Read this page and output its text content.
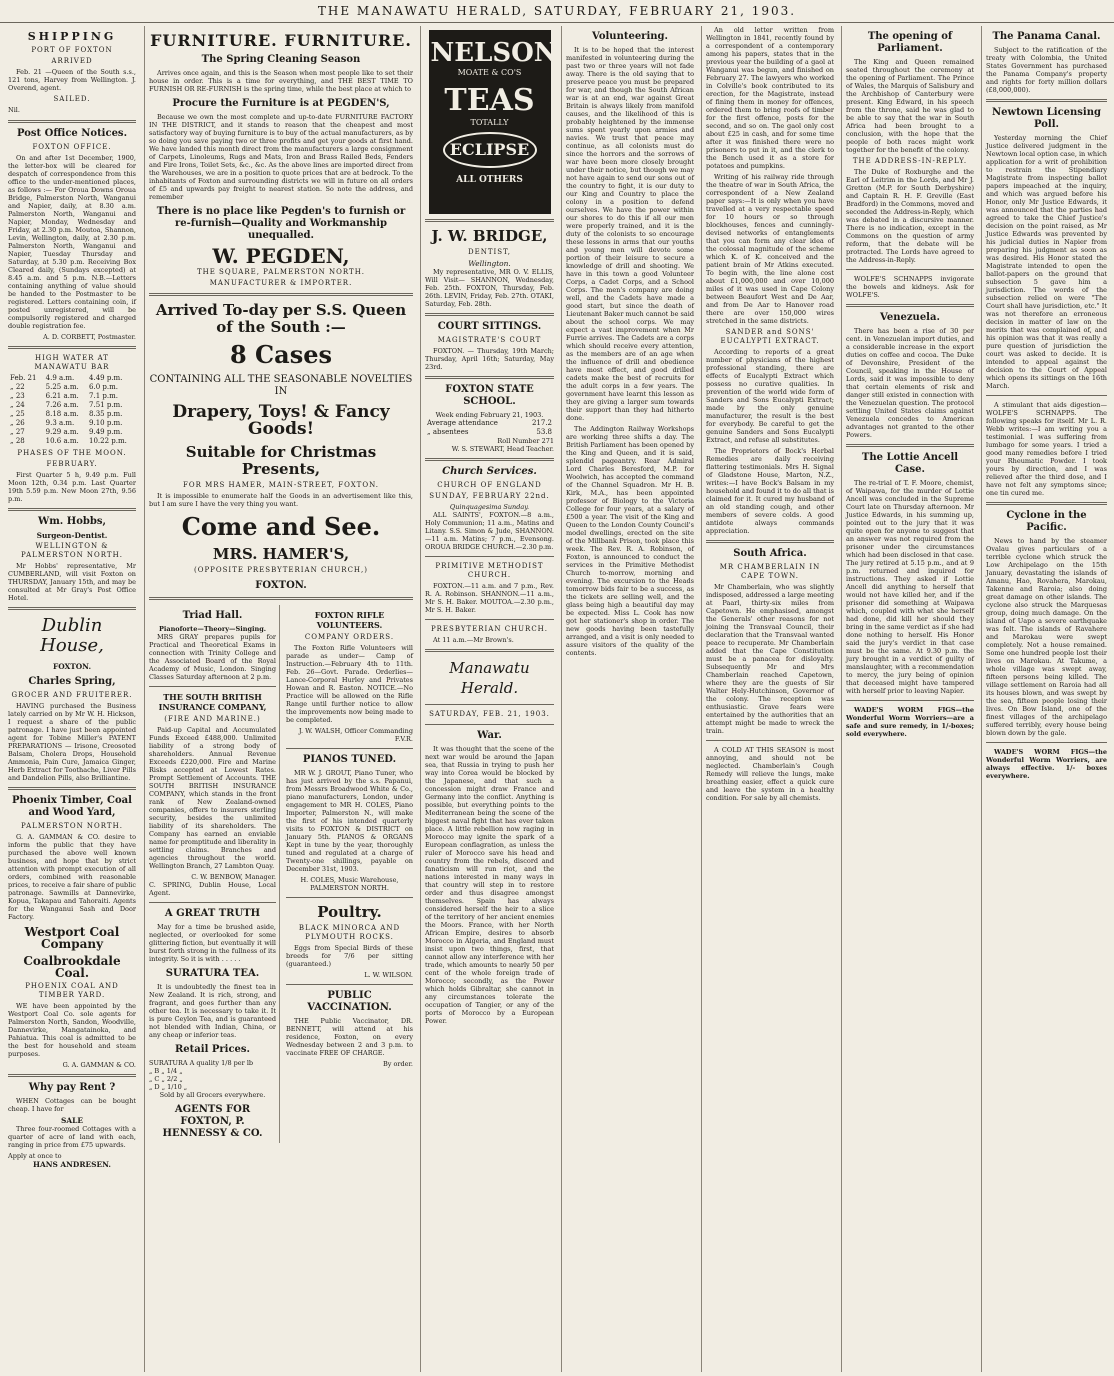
THE MANAWATU HERALD, SATURDAY, FEBRUARY 21, 1903.
SHIPPING
PORT OF FOXTON
ARRIVED

Feb. 21 —Queen of the South s.s., 121 tons, Harvey from Wellington. J. Overend, agent.

SAILED.
Nil.
Post Office Notices.
FOXTON OFFICE.

On and after 1st December, 1900, the letter-box will be cleared for despatch of correspondence from this office to the under-mentioned places, as follows :— For Oroua Downs Oroua Bridge, Palmerston North, Wanganui and Napier, daily, at 8.30 a.m. Palmerston North, Wanganui and Napier, Monday, Wednesday and Friday, at 2.30 p.m. Moutoa, Shannon, Levin, Wellington, daily, at 2.30 p.m. Palmerston North, Wanganui and Napier, Tuesday Thursday and Saturday, at 5.30 p.m. Receiving Box Cleared daily, (Sundays excepted) at 8.45 a.m. and 5 p.m. N.B.—Letters containing anything of value should be handed to the Postmaster to be registered. Letters containing coin, if posted unregistered, will be compulsorily registered and charged double registration fee.

A. D. CORBETT, Postmaster.
HIGH WATER AT MANAWATU BAR
Feb. 21	4.9 a.m.	4.49 p.m.
„ 22	5.25 a.m.	6.0 p.m.
„ 23	6.21 a.m.	7.1 p.m.
„ 24	7.26 a.m.	7.51 p.m.
„ 25	8.18 a.m.	8.35 p.m.
„ 26	9.3 a.m.	9.10 p.m.
„ 27	9.29 a.m.	9.49 p.m.
„ 28	10.6 a.m.	10.22 p.m.
PHASES OF THE MOON.
FEBRUARY.

First Quarter 5 h, 9.49 p.m. Full Moon 12th, 0.34 p.m. Last Quarter 19th 5.59 p.m. New Moon 27th, 9.56 p.m.

Wm. Hobbs,
Surgeon-Dentist.
WELLINGTON & PALMERSTON NORTH.

Mr Hobbs' representative, Mr CUMBERLAND, will visit Foxton on THURSDAY, January 15th, and may be consulted at Mr Gray's Post Office Hotel.

Dublin House,
FOXTON.
Charles Spring,
GROCER AND FRUITERER.

HAVING purchased the Business lately carried on by Mr W. H. Hickson, I request a share of the public patronage. I have just been appointed agent for Tobine Miller's PATENT PREPARATIONS — Irisone, Creosoted Balsam, Cholera Drops, Household Ammonia, Pain Cure, Jamaica Ginger, Herb Extract for Toothache, Liver Pills and Dandelion Pills, also Brilliantine.

Phoenix Timber, Coal and Wood Yard,
PALMERSTON NORTH.

G. A. GAMMAN & CO. desire to inform the public that they have purchased the above well known business, and hope that by strict attention with prompt execution of all orders, combined with reasonable prices, to receive a fair share of public patronage. Sawmills at Dannevirke, Kopua, Takapau and Tahoraiti. Agents for the Wanganui Sash and Door Factory.

Westport Coal Company
Coalbrookdale Coal.
PHOENIX COAL AND TIMBER YARD.

WE have been appointed by the Westport Coal Co. sole agents for Palmerston North, Sandon, Woodville, Dannevirke, Mangatainoka, and Pahiatua. This coal is admitted to be the best for household and steam purposes.

G. A. GAMMAN & CO.
Why pay Rent ?

WHEN Cottages can be bought cheap. I have for

SALE

Three four-roomed Cottages with a quarter of acre of land with each, ranging in price from £75 upwards.

Apply at once to
HANS ANDRESEN.
FURNITURE. FURNITURE.
The Spring Cleaning Season

Arrives once again, and this is the Season when most people like to set their house in order. This is a time for everything, and THE BEST TIME TO FURNISH OR RE-FURNISH is the spring time, while the best place at which to

Procure the Furniture is at PEGDEN'S,

Because we own the most complete and up-to-date FURNITURE FACTORY IN THE DISTRICT, and it stands to reason that the cheapest and most satisfactory way of buying furniture is to buy of the actual manufacturers, as by so doing you save paying two or three profits and get your goods at first hand. We have landed this month direct from the manufacturers a large consignment of Carpets, Linoleums, Rugs and Mats, Iron and Brass Railed Beds, Fenders and Fire Irons, Toilet Sets, &c., &c. As the above lines are imported direct from the Warehouses, we are in a position to quote prices that are at bedrock. To the inhabitants of Foxton and surrounding districts we will in future on all orders of £5 and upwards pay freight to nearest station. So note the address, and remember

There is no place like Pegden's to furnish or re-furnish—Quality and Workmanship unequalled.
W. PEGDEN,
THE SQUARE, PALMERSTON NORTH.
MANUFACTURER & IMPORTER.
Arrived To-day per S.S. Queen of the South :—
8 Cases
CONTAINING ALL THE SEASONABLE NOVELTIES IN
Drapery, Toys! & Fancy Goods!
Suitable for Christmas Presents,
FOR MRS HAMER, MAIN-STREET, FOXTON.

It is impossible to enumerate half the Goods in an advertisement like this, but I am sure I have the very thing you want.

Come and See.
MRS. HAMER'S,
(OPPOSITE PRESBYTERIAN CHURCH,)
FOXTON.
Triad Hall.
Pianoforte—Theory—Singing.

MRS GRAY prepares pupils for Practical and Theoretical Exams in connection with Trinity College and the Associated Board of the Royal Academy of Music, London. Singing Classes Saturday afternoon at 2 p.m.

THE SOUTH BRITISH INSURANCE COMPANY,
(FIRE AND MARINE.)

Paid-up Capital and Accumulated Funds Exceed £488,000. Unlimited liability of a strong body of shareholders. Annual Revenue Exceeds £220,000. Fire and Marine Risks accepted at Lowest Rates. Prompt Settlement of Accounts. THE SOUTH BRITISH INSURANCE COMPANY, which stands in the front rank of New Zealand-owned companies, offers to insurers sterling security, besides the unlimited liability of its shareholders. The Company has earned an enviable name for promptitude and liberality in settling claims. Branches and agencies throughout the world. Wellington Branch, 27 Lambton Quay.

C. W. BENBOW, Manager.
C. SPRING, Dublin House, Local Agent.
A GREAT TRUTH

May for a time be brushed aside, neglected, or overlooked for some glittering fiction, but eventually it will burst forth strong in the fullness of its integrity. So it is with . . . . .

SURATURA TEA.

It is undoubtedly the finest tea in New Zealand. It is rich, strong, and fragrant, and goes further than any other tea. It is necessary to take it. It is pure Ceylon Tea, and is guaranteed not blended with Indian, China, or any cheap or inferior teas.

Retail Prices.
SURATURA A quality 1/8 per lb
„ B „ 1/4 „
„ C „ 2/2 „
„ D „ 1/10 „
Sold by all Grocers everywhere.
AGENTS FOR FOXTON, P. HENNESSY & CO.
FOXTON RIFLE VOLUNTEERS.
COMPANY ORDERS.

The Foxton Rifle Volunteers will parade as under— Camp of Instruction.—February 4th to 11th. Feb. 26—Govt. Parade. Orderlies—Lance-Corporal Hurley and Privates Howan and R. Easton. NOTICE.—No Practice will be allowed on the Rifle Range until further notice to allow the improvements now being made to be completed.

J. W. WALSH, Officer Commanding F.V.R.
PIANOS TUNED.

MR W. J. GROUT, Piano Tuner, who has just arrived by the s.s. Papanui, from Messrs Broadwood White & Co., piano manufacturers, London, under engagement to MR H. COLES, Piano Importer, Palmerston N., will make the first of his intended quarterly visits to FOXTON & DISTRICT on January 5th. PIANOS & ORGANS Kept in tune by the year, thoroughly tuned and regulated at a charge of Twenty-one shillings, payable on December 31st, 1903.

H. COLES, Music Warehouse, PALMERSTON NORTH.
Poultry.
BLACK MINORCA AND PLYMOUTH ROCKS.

Eggs from Special Birds of these breeds for 7/6 per sitting (guaranteed.)

L. W. WILSON.
PUBLIC VACCINATION.

THE Public Vaccinator, DR. BENNETT, will attend at his residence, Foxton, on every Wednesday between 2 and 3 p.m. to vaccinate FREE OF CHARGE.

By order.
NELSON
MOATE & CO'S
TEAS
TOTALLY
ECLIPSE
ALL OTHERS
J. W. BRIDGE,
DENTIST,
Wellington.

My representative, MR O. V. ELLIS, Will Visit— SHANNON, Wednesday, Feb. 25th. FOXTON, Thursday, Feb. 26th. LEVIN, Friday, Feb. 27th. OTAKI, Saturday, Feb. 28th.

COURT SITTINGS.
MAGISTRATE'S COURT

FOXTON. — Thursday, 19th March; Thursday, April 16th; Saturday, May 23rd.

FOXTON STATE SCHOOL.
Week ending February 21, 1903.
Average attendance	217.2
„ absentees	53.8
Roll Number 271
W. S. STEWART, Head Teacher.
Church Services.
CHURCH OF ENGLAND
SUNDAY, FEBRUARY 22nd.
Quinquagesima Sunday.

ALL SAINTS', FOXTON.—8 a.m., Holy Communion; 11 a.m., Matins and Litany. S.S. Simon & Jude, SHANNON.—11 a.m. Matins; 7 p.m., Evensong. OROUA BRIDGE CHURCH.—2.30 p.m.

PRIMITIVE METHODIST CHURCH.

FOXTON.—11 a.m. and 7 p.m., Rev. R. A. Robinson. SHANNON.—11 a.m., Mr S. H. Baker. MOUTOA.—2.30 p.m., Mr S. H. Baker.

PRESBYTERIAN CHURCH.

At 11 a.m.—Mr Brown's.

Manawatu Herald.
SATURDAY, FEB. 21, 1903.
War.

It was thought that the scene of the next war would be around the Japan sea, that Russia in trying to push her way into Corea would be blocked by the Japanese, and that such a concession might draw France and Germany into the conflict. Anything is possible, but everything points to the Mediterranean being the scene of the biggest naval fight that has ever taken place. A little rebellion now raging in Morocco may ignite the spark of a European conflagration, as unless the ruler of Morocco save his head and country from the rebels, discord and fanaticism will run riot, and the nations interested in many ways in that country will step in to restore order and thus disagree amongst themselves. Spain has always considered herself the heir to a slice of the territory of her ancient enemies the Moors. France, with her North African Empire, desires to absorb Morocco in Algeria, and England must insist upon two things, first, that cannot allow any interference with her trade, which amounts to nearly 50 per cent of the whole foreign trade of Morocco; secondly, as the Power which holds Gibraltar, she cannot in any circumstances tolerate the occupation of Tangier, or any of the ports of Morocco by a European Power.

Volunteering.

It is to be hoped that the interest manifested in volunteering during the past two or three years will not fade away. There is the old saying that to preserve peace you must be prepared for war, and though the South African war is at an end, war against Great Britain is always likely from manifold causes, and the likelihood of this is probably heightened by the immense sums spent yearly upon armies and navies. We trust that peace may continue, as all colonists must do since the horrors and the sorrows of war have been more closely brought under their notice, but though we may not have again to send our sons out of the country to fight, it is our duty to our King and Country to place the colony in a position to defend ourselves. We have the power within our shores to do this if all our men were properly trained, and it is the duty of the colonists to so encourage these lessons in arms that our youths and young men will devote some portion of their leisure to secure a knowledge of drill and shooting. We have in this town a good Volunteer Corps, a Cadet Corps, and a School Corps. The men's company are doing well, and the Cadets have made a good start, but since the death of Lieutenant Baker much cannot be said about the school corps. We may expect a vast improvement when Mr Furrie arrives. The Cadets are a corps which should receive every attention, as the members are of an age when the influence of drill and obedience have most effect, and good drilled cadets make the best of recruits for the adult corps in a few years. The government have learnt this lesson as they are giving a larger sum towards their support than they had hitherto done.

The Addington Railway Workshops are working three shifts a day. The British Parliament has been opened by the King and Queen, and it is said, splendid pageantry. Rear Admiral Lord Charles Beresford, M.P. for Woolwich, has accepted the command of the Channel Squadron. Mr H. B. Kirk, M.A., has been appointed professor of Biology to the Victoria College for four years, at a salary of £500 a year. The visit of the King and Queen to the London County Council's model dwellings, erected on the site of the Millbank Prison, took place this week. The Rev. R. A. Robinson, of Foxton, is announced to conduct the services in the Primitive Methodist Church to-morrow, morning and evening. The excursion to the Heads tomorrow bids fair to be a success, as the tickets are selling well, and the glass being high a beautiful day may be expected. Miss L. Cook has now got her stationer's shop in order. The new goods having been tastefully arranged, and a visit is only needed to assure visitors of the quality of the contents.

An old letter written from Wellington in 1841, recently found by a correspondent of a contemporary among his papers, states that in the previous year the building of a gaol at Wanganui was begun, and finished on February 27. The lawyers who worked in Colville's book contributed to its erection, for the Magistrate, instead of fining them in money for offences, ordered them to bring roofs of timber for the first offence, posts for the second, and so on. The gaol only cost about £25 in cash, and for some time after it was finished there were no prisoners to put in it, and the clerk to the Bench used it as a store for potatoes and pumpkins.

Writing of his railway ride through the theatre of war in South Africa, the correspondent of a New Zealand paper says:—It is only when you have travelled at a very respectable speed for 10 hours or so through blockhouses, fences and cunningly-devised networks of entanglements that you can form any clear idea of the colossal magnitude of the scheme which K. of K. conceived and the patient brain of Mr Atkins executed. To begin with, the line alone cost about £1,000,000 and over 10,000 miles of it was used in Cape Colony between Beaufort West and De Aar, and from De Aar to Hanover road there are over 150,000 wires stretched in the same districts.

SANDER and SONS' EUCALYPTI EXTRACT.

According to reports of a great number of physicians of the highest professional standing, there are effects of Eucalypti Extract which possess no curative qualities. In prevention of the world wide form of Sanders and Sons Eucalypti Extract; made by the only genuine manufacturer, the result is the best for everybody. Be careful to get the genuine Sanders and Sons Eucalypti Extract, and refuse all substitutes.

The Proprietors of Bock's Herbal Remedies are daily receiving flattering testimonials. Mrs H. Signal of Gladstone House, Marton, N.Z., writes:—I have Bock's Balsam in my household and found it to do all that is claimed for it. It cured my husband of an old standing cough, and other members of severe colds. A good antidote always commands appreciation.

South Africa.
MR CHAMBERLAIN IN CAPE TOWN.

Mr Chamberlain, who was slightly indisposed, addressed a large meeting at Paarl, thirty-six miles from Capetown. He emphasised, amongst the Generals' other reasons for not joining the Transvaal Council, their declaration that the Transvaal wanted peace to recuperate. Mr Chamberlain added that the Cape Constitution must be a panacea for disloyalty. Subsequently Mr and Mrs Chamberlain reached Capetown, where they are the guests of Sir Walter Hely-Hutchinson, Governor of the colony. The reception was enthusiastic. Grave fears were entertained by the authorities that an attempt might be made to wreck the train.

A COLD AT THIS SEASON is most annoying, and should not be neglected. Chamberlain's Cough Remedy will relieve the lungs, make breathing easier, effect a quick cure and leave the system in a healthy condition. For sale by all chemists.

The opening of Parliament.

The King and Queen remained seated throughout the ceremony at the opening of Parliament. The Prince of Wales, the Marquis of Salisbury and the Archbishop of Canterbury were present. King Edward, in his speech from the throne, said he was glad to be able to say that the war in South Africa had been brought to a conclusion, with the hope that the people of both races might work together for the benefit of the colony.

THE ADDRESS-IN-REPLY.

The Duke of Roxburghe and the Earl of Leitrim in the Lords, and Mr J. Gretton (M.P. for South Derbyshire) and Captain R. H. F. Greville (East Bradford) in the Commons, moved and seconded the Address-in-Reply, which was debated in a discursive manner. There is no indication, except in the Commons on the question of army reform, that the debate will be protracted. The Lords have agreed to the Address-in-Reply.

WOLFE'S SCHNAPPS invigorate the bowels and kidneys. Ask for WOLFE'S.

Venezuela.

There has been a rise of 30 per cent. in Venezuelan import duties, and a considerable increase in the export duties on coffee and cocoa. The Duke of Devonshire, President of the Council, speaking in the House of Lords, said it was impossible to deny that certain elements of risk and danger still existed in connection with the Venezuelan question. The protocol settling United States claims against Venezuela concedes to American advantages not granted to the other Powers.

The Lottie Ancell Case.

The re-trial of T. F. Moore, chemist, of Waipawa, for the murder of Lottie Ancell was concluded in the Supreme Court late on Thursday afternoon. Mr Justice Edwards, in his summing up, pointed out to the jury that it was quite open for anyone to suggest that an answer was not required from the prisoner under the circumstances which had been disclosed in that case. The jury retired at 5.15 p.m., and at 9 p.m. returned and inquired for instructions. They asked if Lottie Ancell did anything to herself that would not have killed her, and if the prisoner did something at Waipawa which, coupled with what she herself had done, did kill her should they bring in the same verdict as if she had done nothing to herself. His Honor said the jury's verdict in that case must be the same. At 9.30 p.m. the jury brought in a verdict of guilty of manslaughter, with a recommendation to mercy, the jury being of opinion that deceased might have tampered with herself prior to leaving Napier.

WADE'S WORM FIGS—the Wonderful Worm Worriers—are a safe and sure remedy, in 1/-boxes; sold everywhere.

The Panama Canal.

Subject to the ratification of the treaty with Colombia, the United States Government has purchased the Panama Company's property and rights for forty million dollars (£8,000,000).

Newtown Licensing Poll.

Yesterday morning the Chief Justice delivered judgment in the Newtown local option case, in which application for a writ of prohibition to restrain the Stipendiary Magistrate from inspecting ballot papers impeached at the inquiry, and which was argued before his Honor, only Mr Justice Edwards, it was announced that the parties had agreed to take the Chief Justice's decision on the point raised, as Mr Justice Edwards was prevented by his judicial duties in Napier from preparing his judgment as soon as was desired. His Honor stated the Magistrate intended to open the ballot-papers on the ground that subsection 5 gave him a jurisdiction. The words of the subsection relied on were "The Court shall have jurisdiction, etc." It was not therefore an erroneous decision in matter of law on the merits that was complained of, and his opinion was that it was really a pure question of jurisdiction the court was asked to decide. It is intended to appeal against the decision to the Court of Appeal which opens its sittings on the 16th March.

A stimulant that aids digestion—WOLFE'S SCHNAPPS. The following speaks for itself. Mr L. R. Webb writes:—I am writing you a testimonial. I was suffering from lumbago for some years. I tried a good many remedies before I tried your Rheumatic Powder. I took yours by direction, and I was relieved after the third dose, and I have not felt any symptoms since; one tin cured me.

Cyclone in the Pacific.

News to hand by the steamer Ovalau gives particulars of a terrible cyclone which struck the Low Archipelago on the 15th January, devastating the islands of Amanu, Hao, Rovahera, Marokau, Takenne and Raroia; also doing great damage on other islands. The cyclone also struck the Marquesas group, doing much damage. On the island of Uapo a severe earthquake was felt. The islands of Ravahere and Marokau were swept completely. Not a house remained. Some one hundred people lost their lives on Marokau. At Takume, a whole village was swept away, fifteen persons being killed. The village settlement on Raroia had all its houses blown, and was swept by the sea, fifteen people losing their lives. On Bow Island, one of the finest villages of the archipelago suffered terribly, every house being blown down by the gale.

WADE'S WORM FIGS—the Wonderful Worm Worriers, are always effective. 1/- boxes everywhere.
